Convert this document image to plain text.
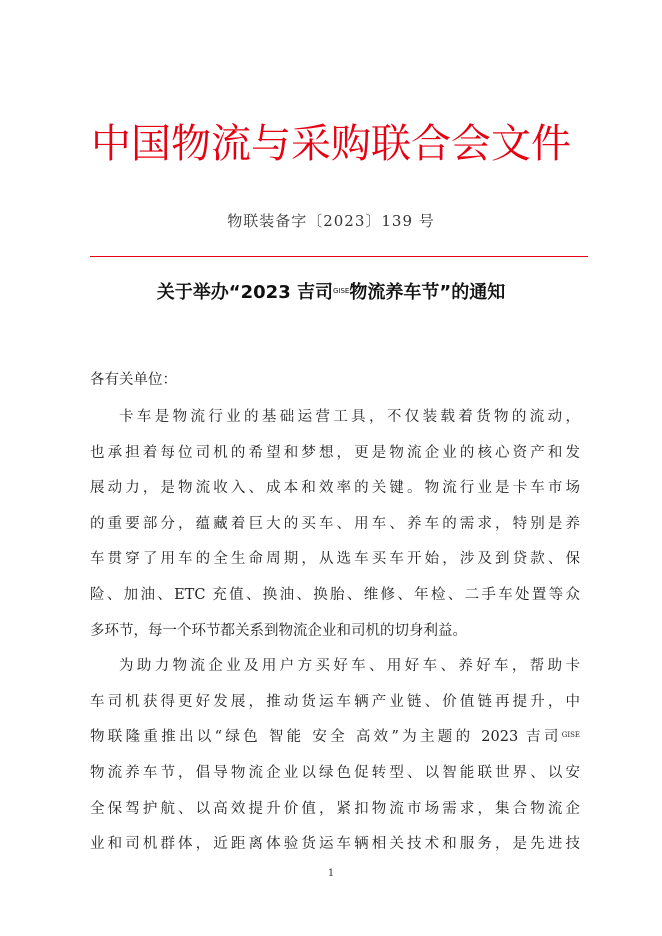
中国物流与采购联合会文件
物联装备字〔2023〕139 号
关于举办“2023 吉司$^{GISE}$物流养车节”的通知
各有关单位：
卡车是物流行业的基础运营工具，不仅装载着货物的流动，
也承担着每位司机的希望和梦想，更是物流企业的核心资产和发
展动力，是物流收入、成本和效率的关键。物流行业是卡车市场
的重要部分，蕴藏着巨大的买车、用车、养车的需求，特别是养
车贯穿了用车的全生命周期，从选车买车开始，涉及到贷款、保
险、加油、ETC 充值、换油、换胎、维修、年检、二手车处置等众
多环节，每一个环节都关系到物流企业和司机的切身利益。
为助力物流企业及用户方买好车、用好车、养好车，帮助卡
车司机获得更好发展，推动货运车辆产业链、价值链再提升，中
物联隆重推出以“绿色 智能 安全 高效”为主题的 2023 吉司$^{GISE}$
物流养车节，倡导物流企业以绿色促转型、以智能联世界、以安
全保驾护航、以高效提升价值，紧扣物流市场需求，集合物流企
业和司机群体，近距离体验货运车辆相关技术和服务，是先进技
1
